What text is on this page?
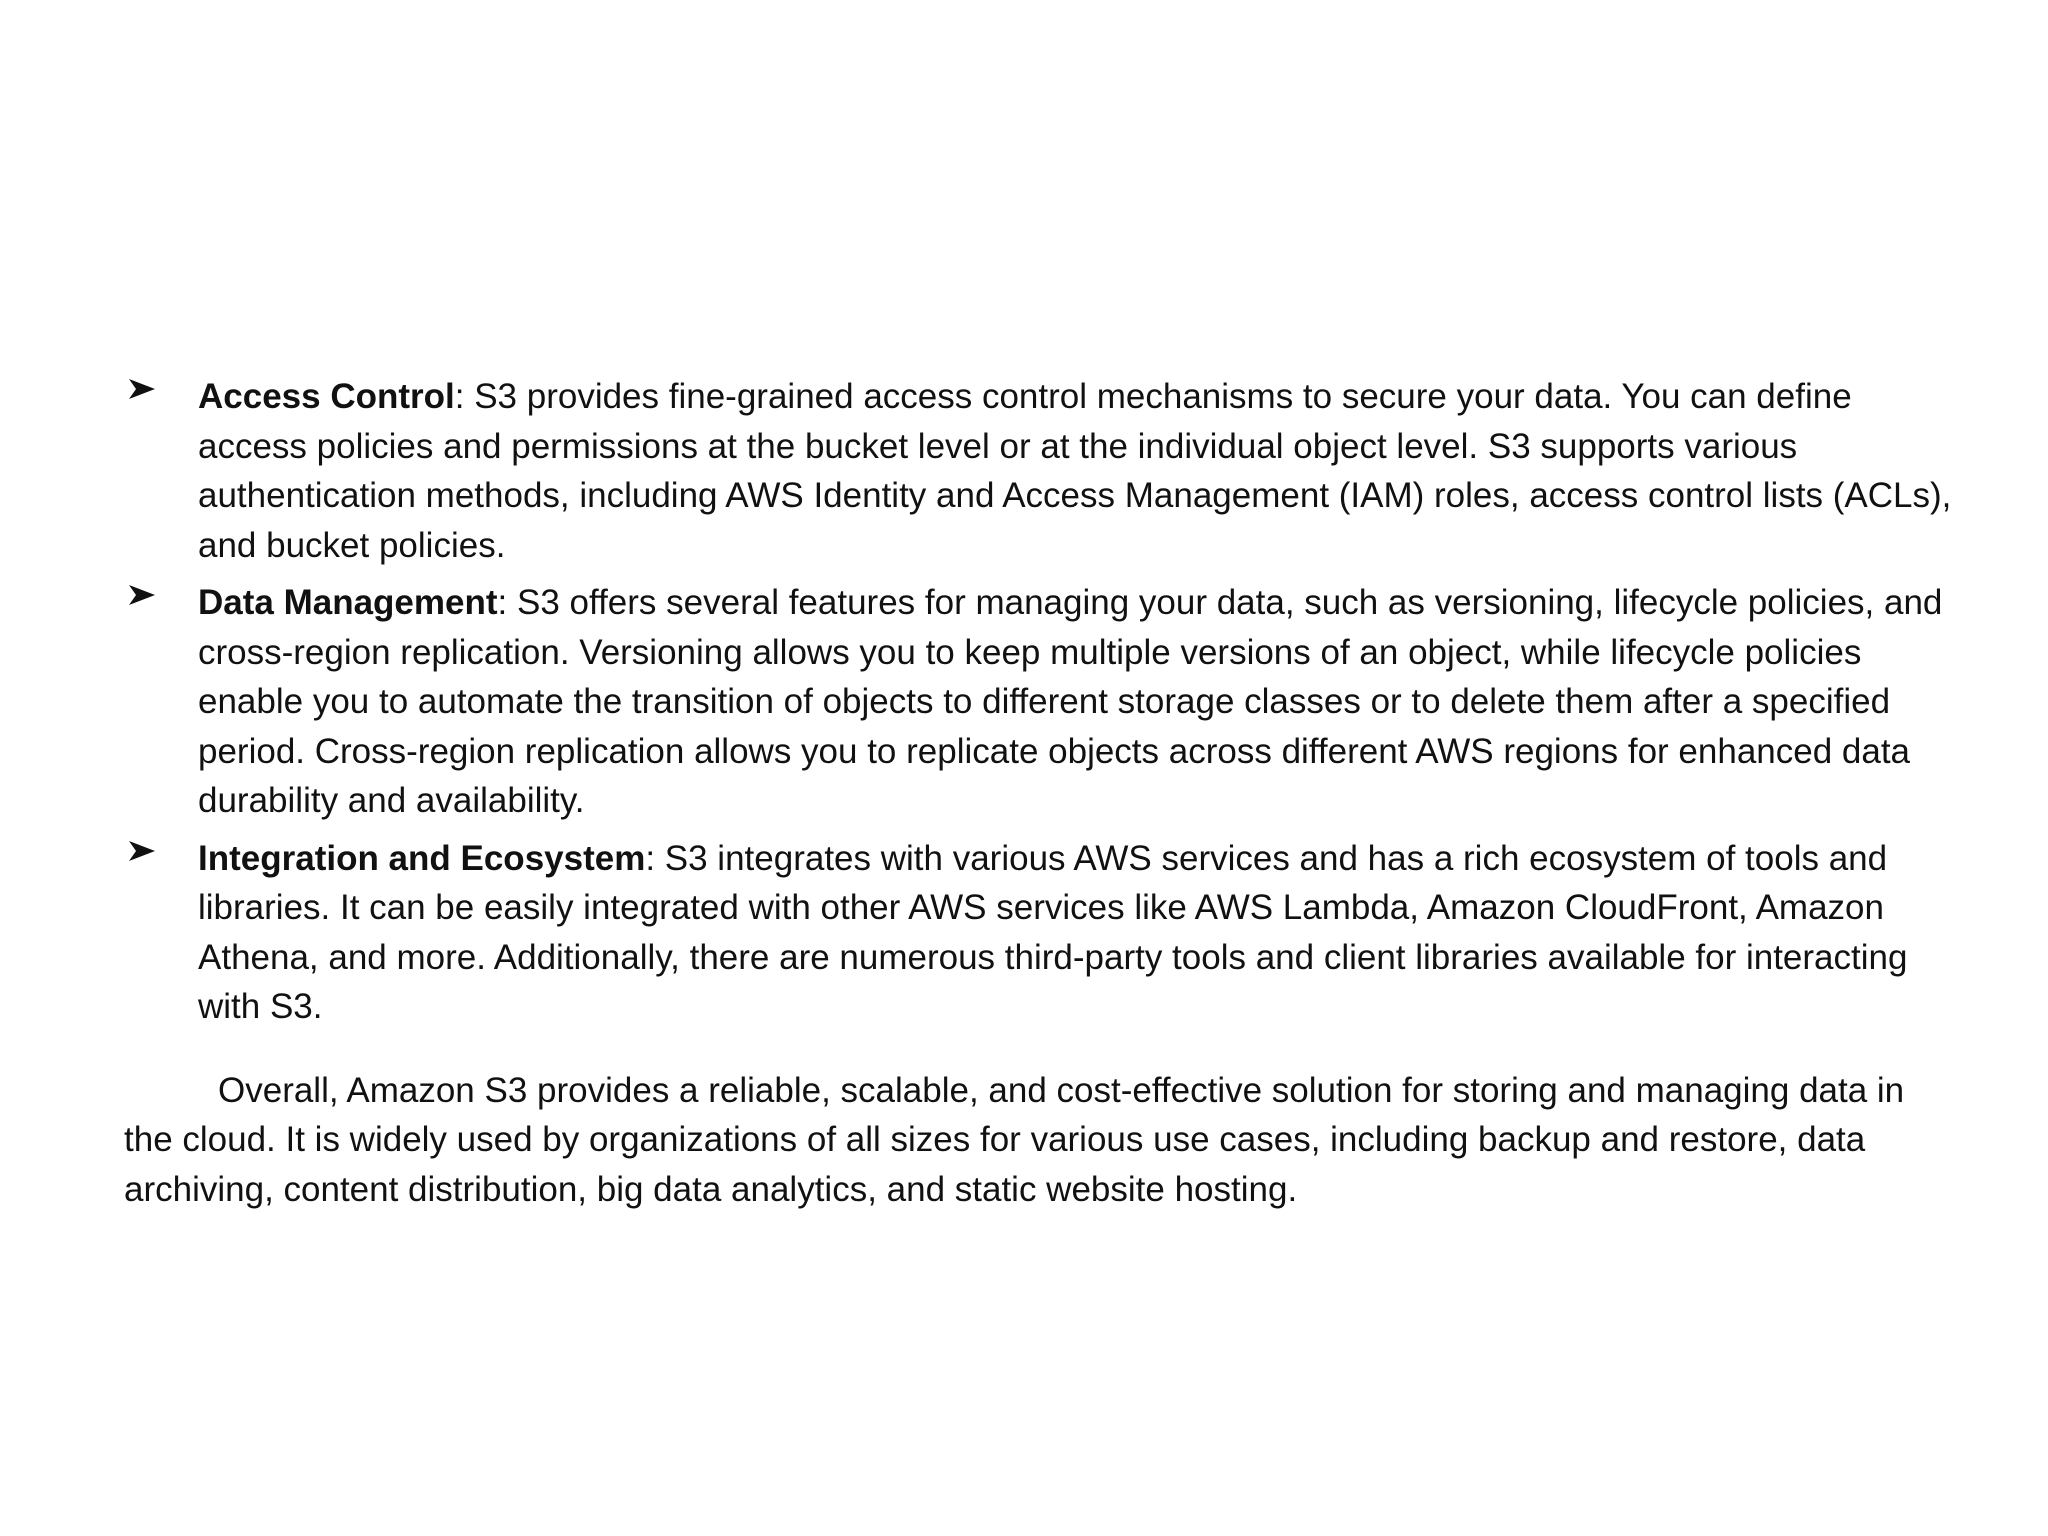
Access Control: S3 provides fine-grained access control mechanisms to secure your data. You can define access policies and permissions at the bucket level or at the individual object level. S3 supports various authentication methods, including AWS Identity and Access Management (IAM) roles, access control lists (ACLs), and bucket policies.
Data Management: S3 offers several features for managing your data, such as versioning, lifecycle policies, and cross-region replication. Versioning allows you to keep multiple versions of an object, while lifecycle policies enable you to automate the transition of objects to different storage classes or to delete them after a specified period. Cross-region replication allows you to replicate objects across different AWS regions for enhanced data durability and availability.
Integration and Ecosystem: S3 integrates with various AWS services and has a rich ecosystem of tools and libraries. It can be easily integrated with other AWS services like AWS Lambda, Amazon CloudFront, Amazon Athena, and more. Additionally, there are numerous third-party tools and client libraries available for interacting with S3.

Overall, Amazon S3 provides a reliable, scalable, and cost-effective solution for storing and managing data in the cloud. It is widely used by organizations of all sizes for various use cases, including backup and restore, data archiving, content distribution, big data analytics, and static website hosting.
